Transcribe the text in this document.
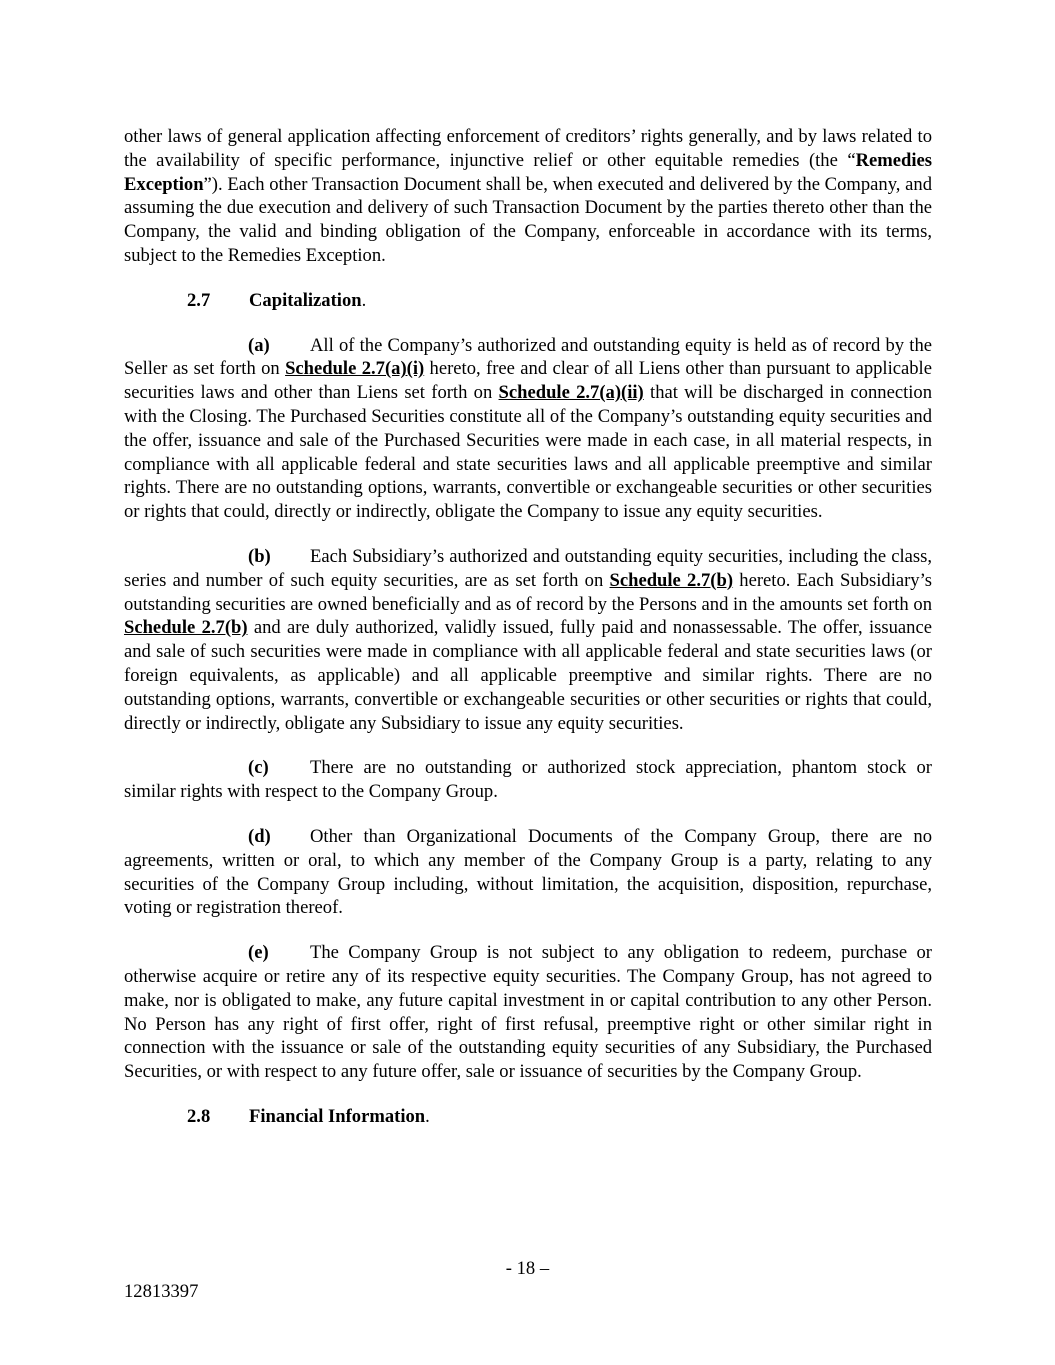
other laws of general application affecting enforcement of creditors’ rights generally, and by laws related to the availability of specific performance, injunctive relief or other equitable remedies (the “Remedies Exception”). Each other Transaction Document shall be, when executed and delivered by the Company, and assuming the due execution and delivery of such Transaction Document by the parties thereto other than the Company, the valid and binding obligation of the Company, enforceable in accordance with its terms, subject to the Remedies Exception.

2.7 Capitalization.

(a) All of the Company’s authorized and outstanding equity is held as of record by the Seller as set forth on Schedule 2.7(a)(i) hereto, free and clear of all Liens other than pursuant to applicable securities laws and other than Liens set forth on Schedule 2.7(a)(ii) that will be discharged in connection with the Closing. The Purchased Securities constitute all of the Company’s outstanding equity securities and the offer, issuance and sale of the Purchased Securities were made in each case, in all material respects, in compliance with all applicable federal and state securities laws and all applicable preemptive and similar rights. There are no outstanding options, warrants, convertible or exchangeable securities or other securities or rights that could, directly or indirectly, obligate the Company to issue any equity securities.

(b) Each Subsidiary’s authorized and outstanding equity securities, including the class, series and number of such equity securities, are as set forth on Schedule 2.7(b) hereto. Each Subsidiary’s outstanding securities are owned beneficially and as of record by the Persons and in the amounts set forth on Schedule 2.7(b) and are duly authorized, validly issued, fully paid and nonassessable. The offer, issuance and sale of such securities were made in compliance with all applicable federal and state securities laws (or foreign equivalents, as applicable) and all applicable preemptive and similar rights. There are no outstanding options, warrants, convertible or exchangeable securities or other securities or rights that could, directly or indirectly, obligate any Subsidiary to issue any equity securities.

(c) There are no outstanding or authorized stock appreciation, phantom stock or similar rights with respect to the Company Group.

(d) Other than Organizational Documents of the Company Group, there are no agreements, written or oral, to which any member of the Company Group is a party, relating to any securities of the Company Group including, without limitation, the acquisition, disposition, repurchase, voting or registration thereof.

(e) The Company Group is not subject to any obligation to redeem, purchase or otherwise acquire or retire any of its respective equity securities. The Company Group, has not agreed to make, nor is obligated to make, any future capital investment in or capital contribution to any other Person. No Person has any right of first offer, right of first refusal, preemptive right or other similar right in connection with the issuance or sale of the outstanding equity securities of any Subsidiary, the Purchased Securities, or with respect to any future offer, sale or issuance of securities by the Company Group.

2.8 Financial Information.

- 18 –
12813397
